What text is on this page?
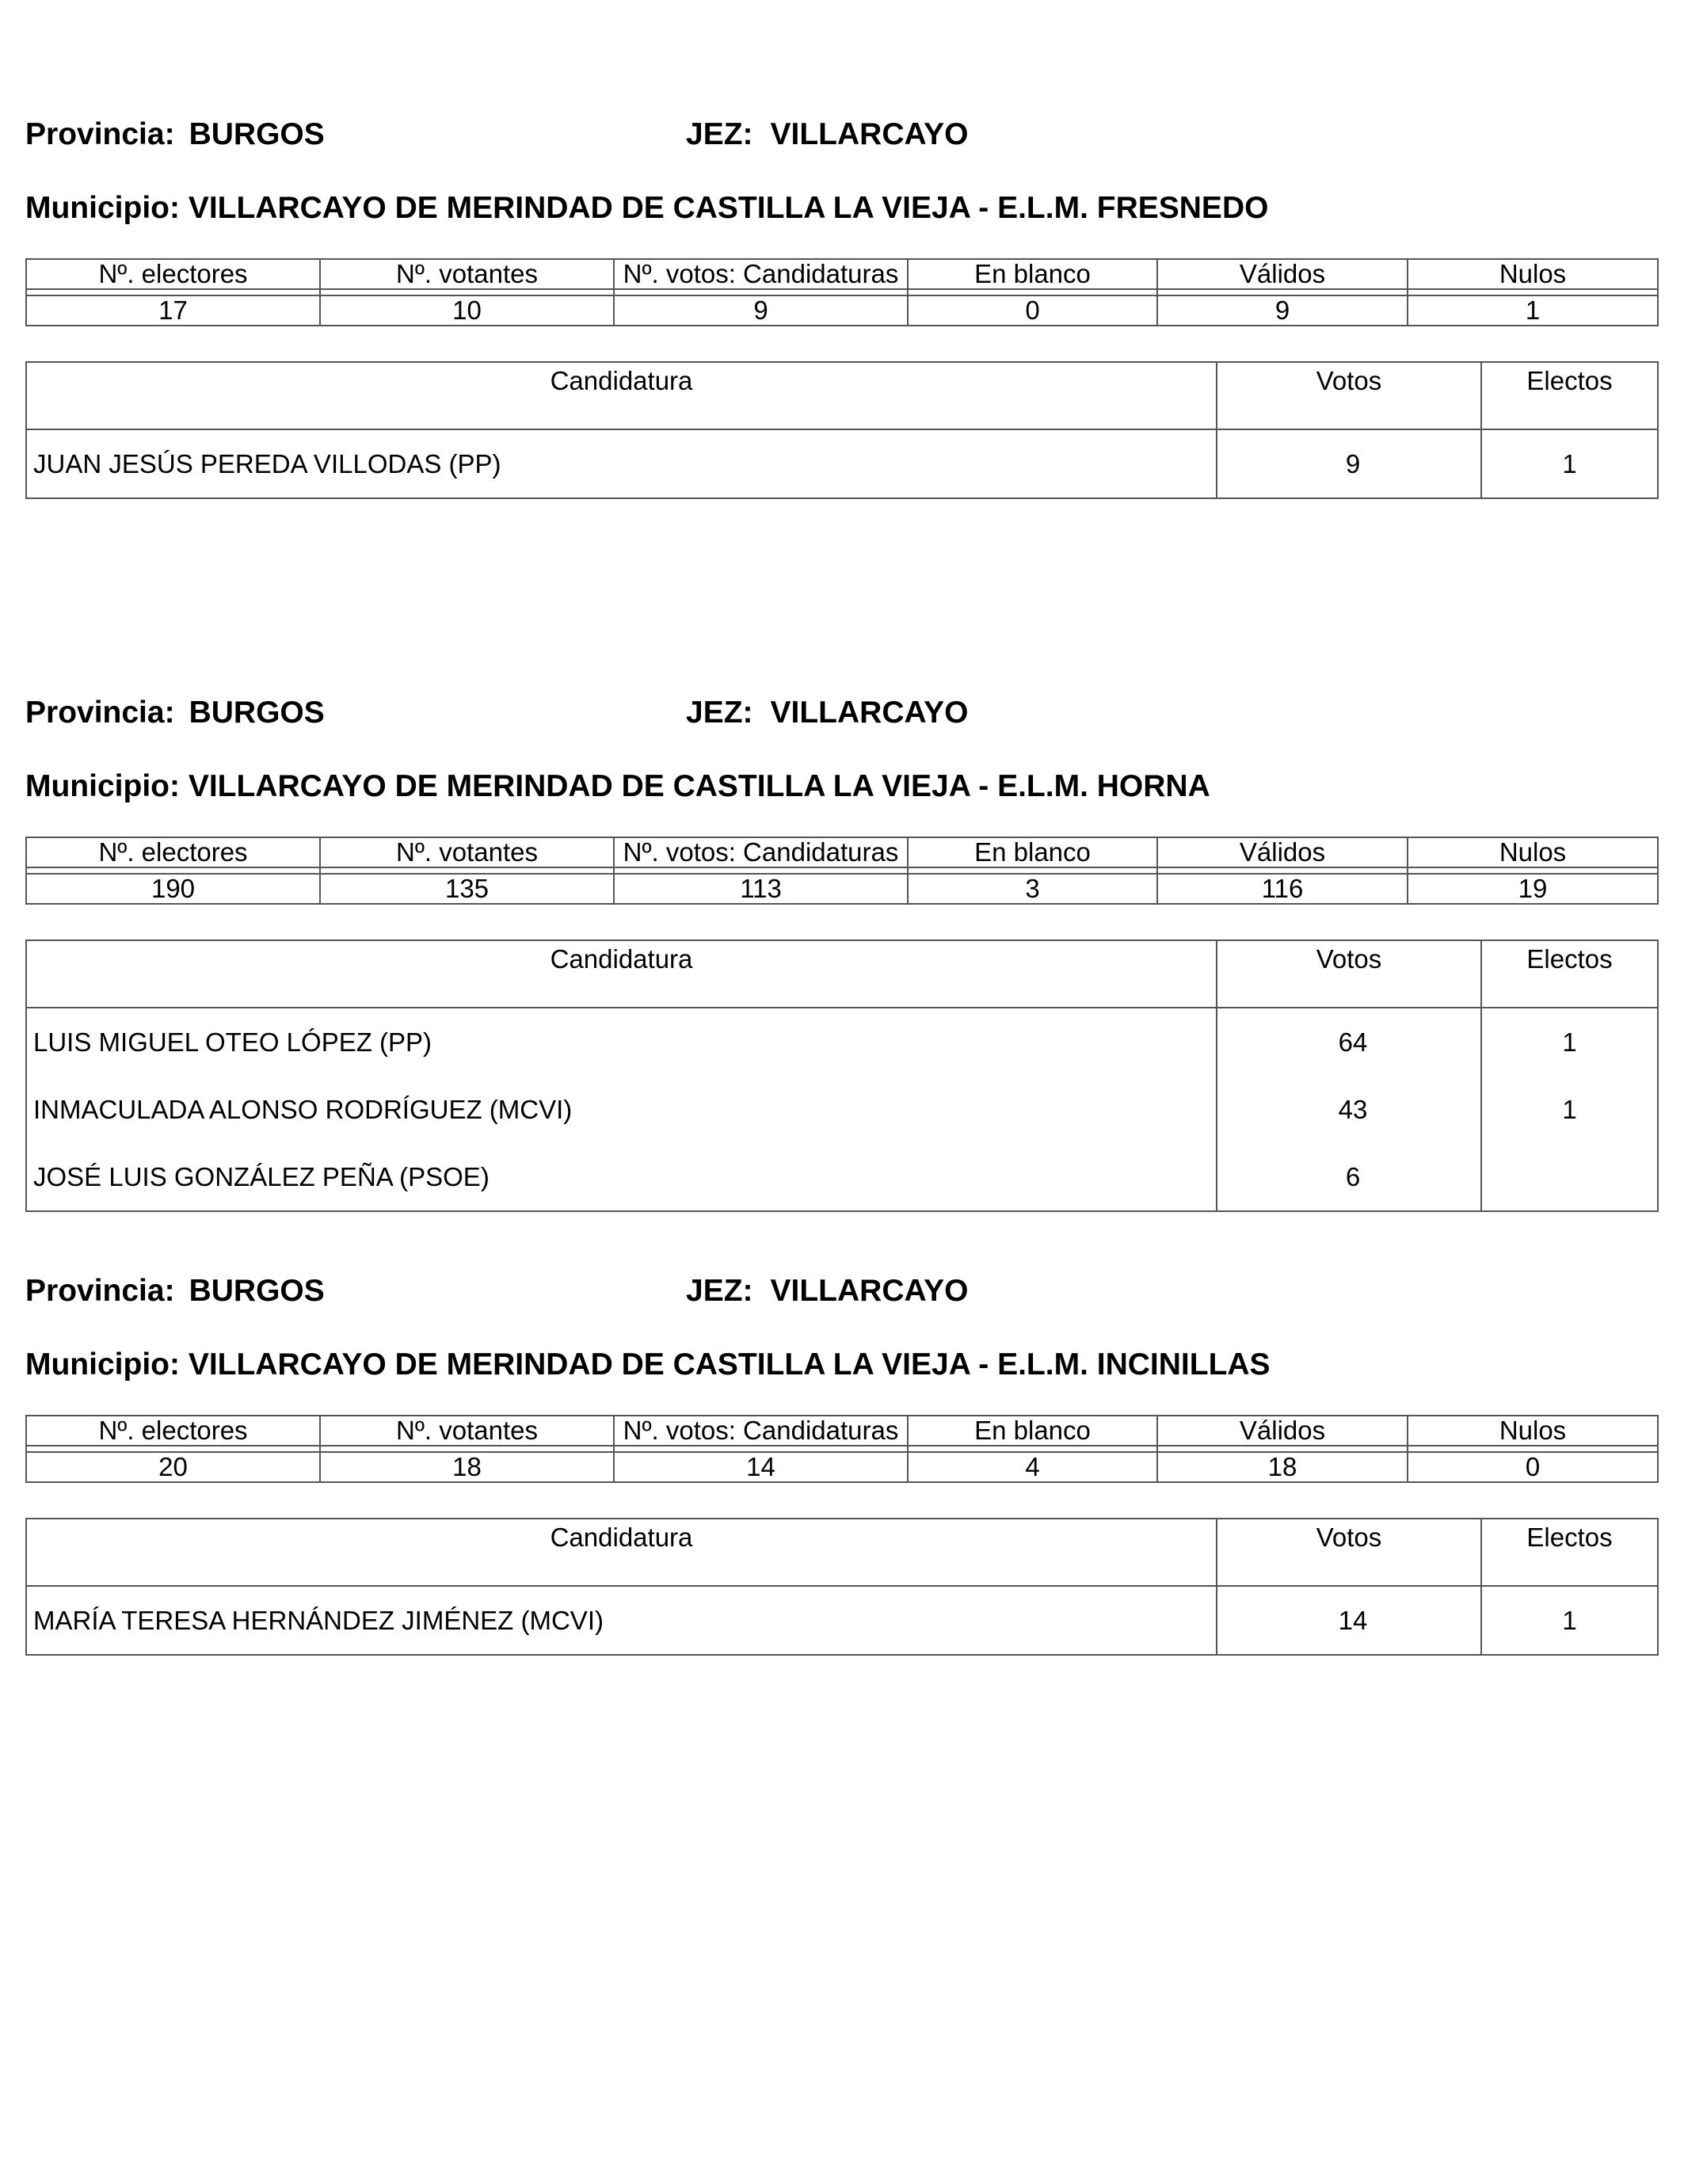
Provincia: BURGOS	JEZ: VILLARCAYO
Municipio: VILLARCAYO DE MERINDAD DE CASTILLA LA VIEJA - E.L.M. FRESNEDO
Nº. electores	Nº. votantes	Nº. votos: Candidaturas	En blanco	Válidos	Nulos

17	10	9	0	9	1
Candidatura	Votos	Electos
JUAN JESÚS PEREDA VILLODAS (PP)	9	1
Provincia: BURGOS	JEZ: VILLARCAYO
Municipio: VILLARCAYO DE MERINDAD DE CASTILLA LA VIEJA - E.L.M. HORNA
Nº. electores	Nº. votantes	Nº. votos: Candidaturas	En blanco	Válidos	Nulos

190	135	113	3	116	19
Candidatura	Votos	Electos
LUIS MIGUEL OTEO LÓPEZ (PP)	64	1
INMACULADA ALONSO RODRÍGUEZ (MCVI)	43	1
JOSÉ LUIS GONZÁLEZ PEÑA (PSOE)	6	
Provincia: BURGOS	JEZ: VILLARCAYO
Municipio: VILLARCAYO DE MERINDAD DE CASTILLA LA VIEJA - E.L.M. INCINILLAS
Nº. electores	Nº. votantes	Nº. votos: Candidaturas	En blanco	Válidos	Nulos

20	18	14	4	18	0
Candidatura	Votos	Electos
MARÍA TERESA HERNÁNDEZ JIMÉNEZ (MCVI)	14	1
